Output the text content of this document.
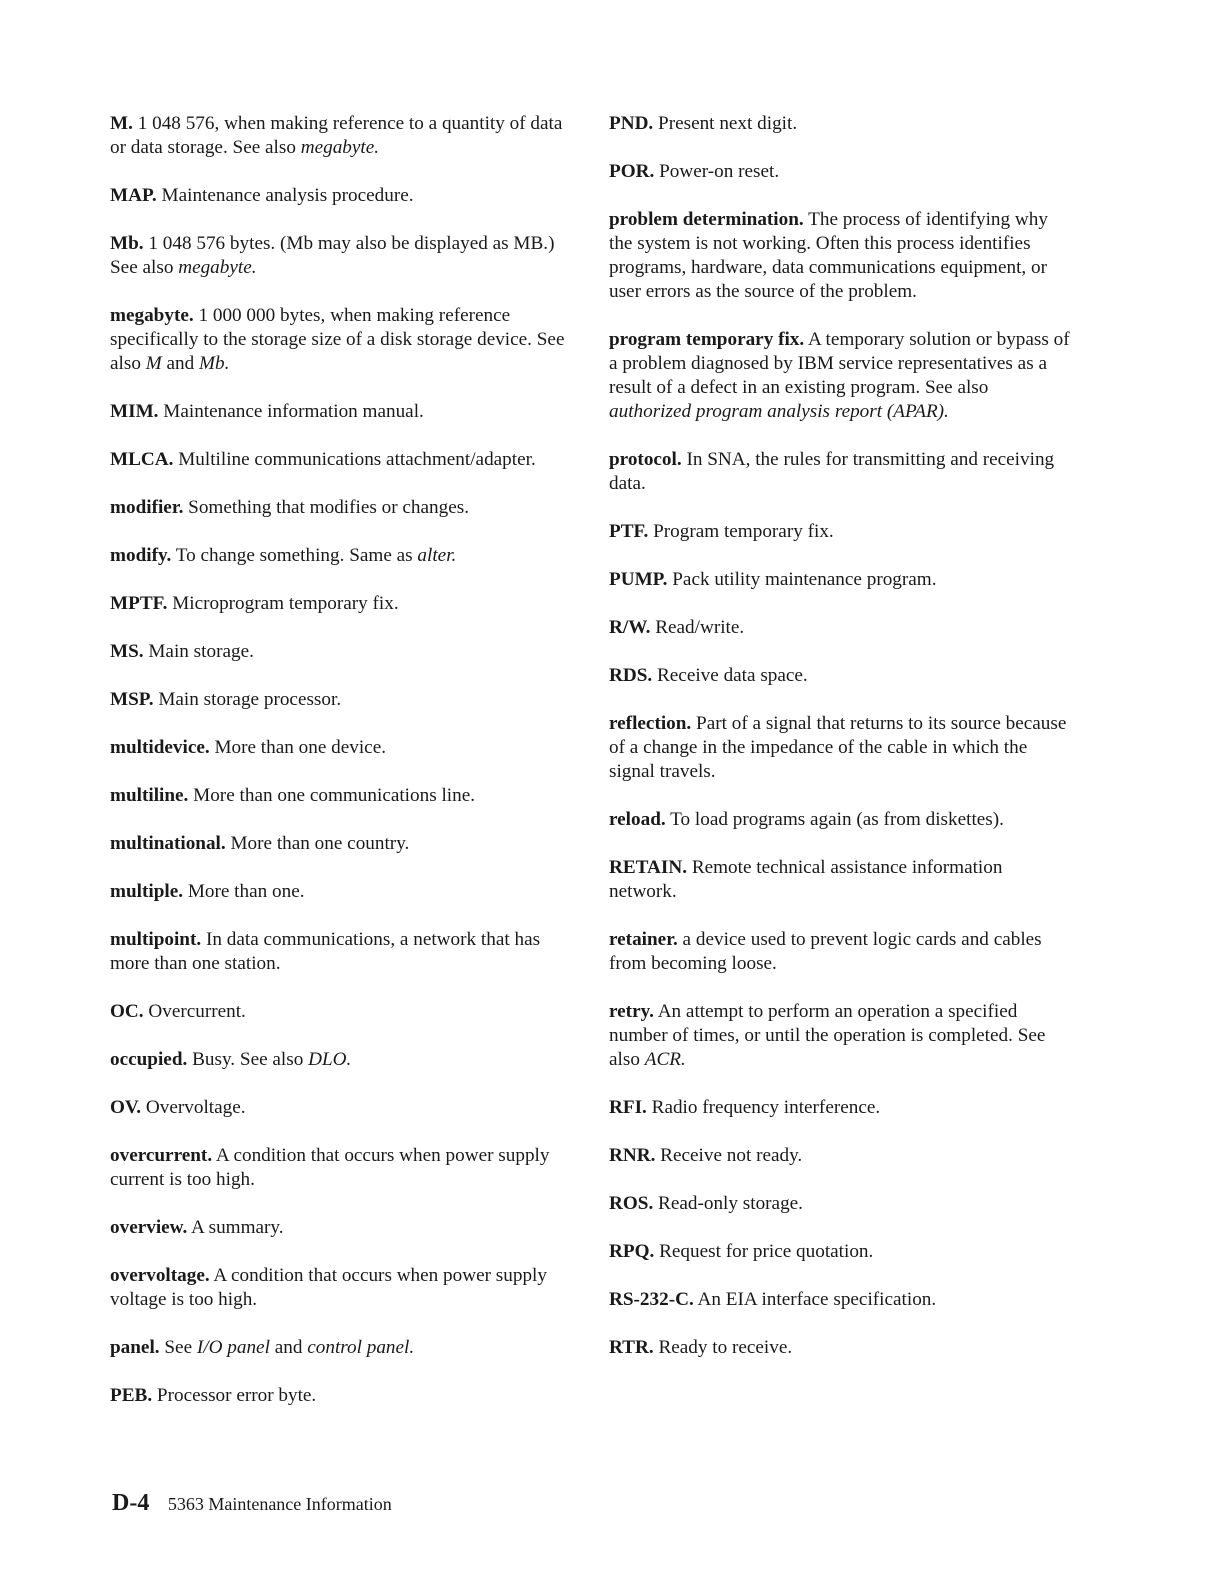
M. 1 048 576, when making reference to a quantity of data or data storage. See also megabyte.

MAP. Maintenance analysis procedure.

Mb. 1 048 576 bytes. (Mb may also be displayed as MB.) See also megabyte.

megabyte. 1 000 000 bytes, when making reference specifically to the storage size of a disk storage device. See also M and Mb.

MIM. Maintenance information manual.

MLCA. Multiline communications attachment/adapter.

modifier. Something that modifies or changes.

modify. To change something. Same as alter.

MPTF. Microprogram temporary fix.

MS. Main storage.

MSP. Main storage processor.

multidevice. More than one device.

multiline. More than one communications line.

multinational. More than one country.

multiple. More than one.

multipoint. In data communications, a network that has more than one station.

OC. Overcurrent.

occupied. Busy. See also DLO.

OV. Overvoltage.

overcurrent. A condition that occurs when power supply current is too high.

overview. A summary.

overvoltage. A condition that occurs when power supply voltage is too high.

panel. See I/O panel and control panel.

PEB. Processor error byte.

PND. Present next digit.

POR. Power-on reset.

problem determination. The process of identifying why the system is not working. Often this process identifies programs, hardware, data communications equipment, or user errors as the source of the problem.

program temporary fix. A temporary solution or bypass of a problem diagnosed by IBM service representatives as a result of a defect in an existing program. See also authorized program analysis report (APAR).

protocol. In SNA, the rules for transmitting and receiving data.

PTF. Program temporary fix.

PUMP. Pack utility maintenance program.

R/W. Read/write.

RDS. Receive data space.

reflection. Part of a signal that returns to its source because of a change in the impedance of the cable in which the signal travels.

reload. To load programs again (as from diskettes).

RETAIN. Remote technical assistance information network.

retainer. a device used to prevent logic cards and cables from becoming loose.

retry. An attempt to perform an operation a specified number of times, or until the operation is completed. See also ACR.

RFI. Radio frequency interference.

RNR. Receive not ready.

ROS. Read-only storage.

RPQ. Request for price quotation.

RS-232-C. An EIA interface specification.

RTR. Ready to receive.

D-4 5363 Maintenance Information
